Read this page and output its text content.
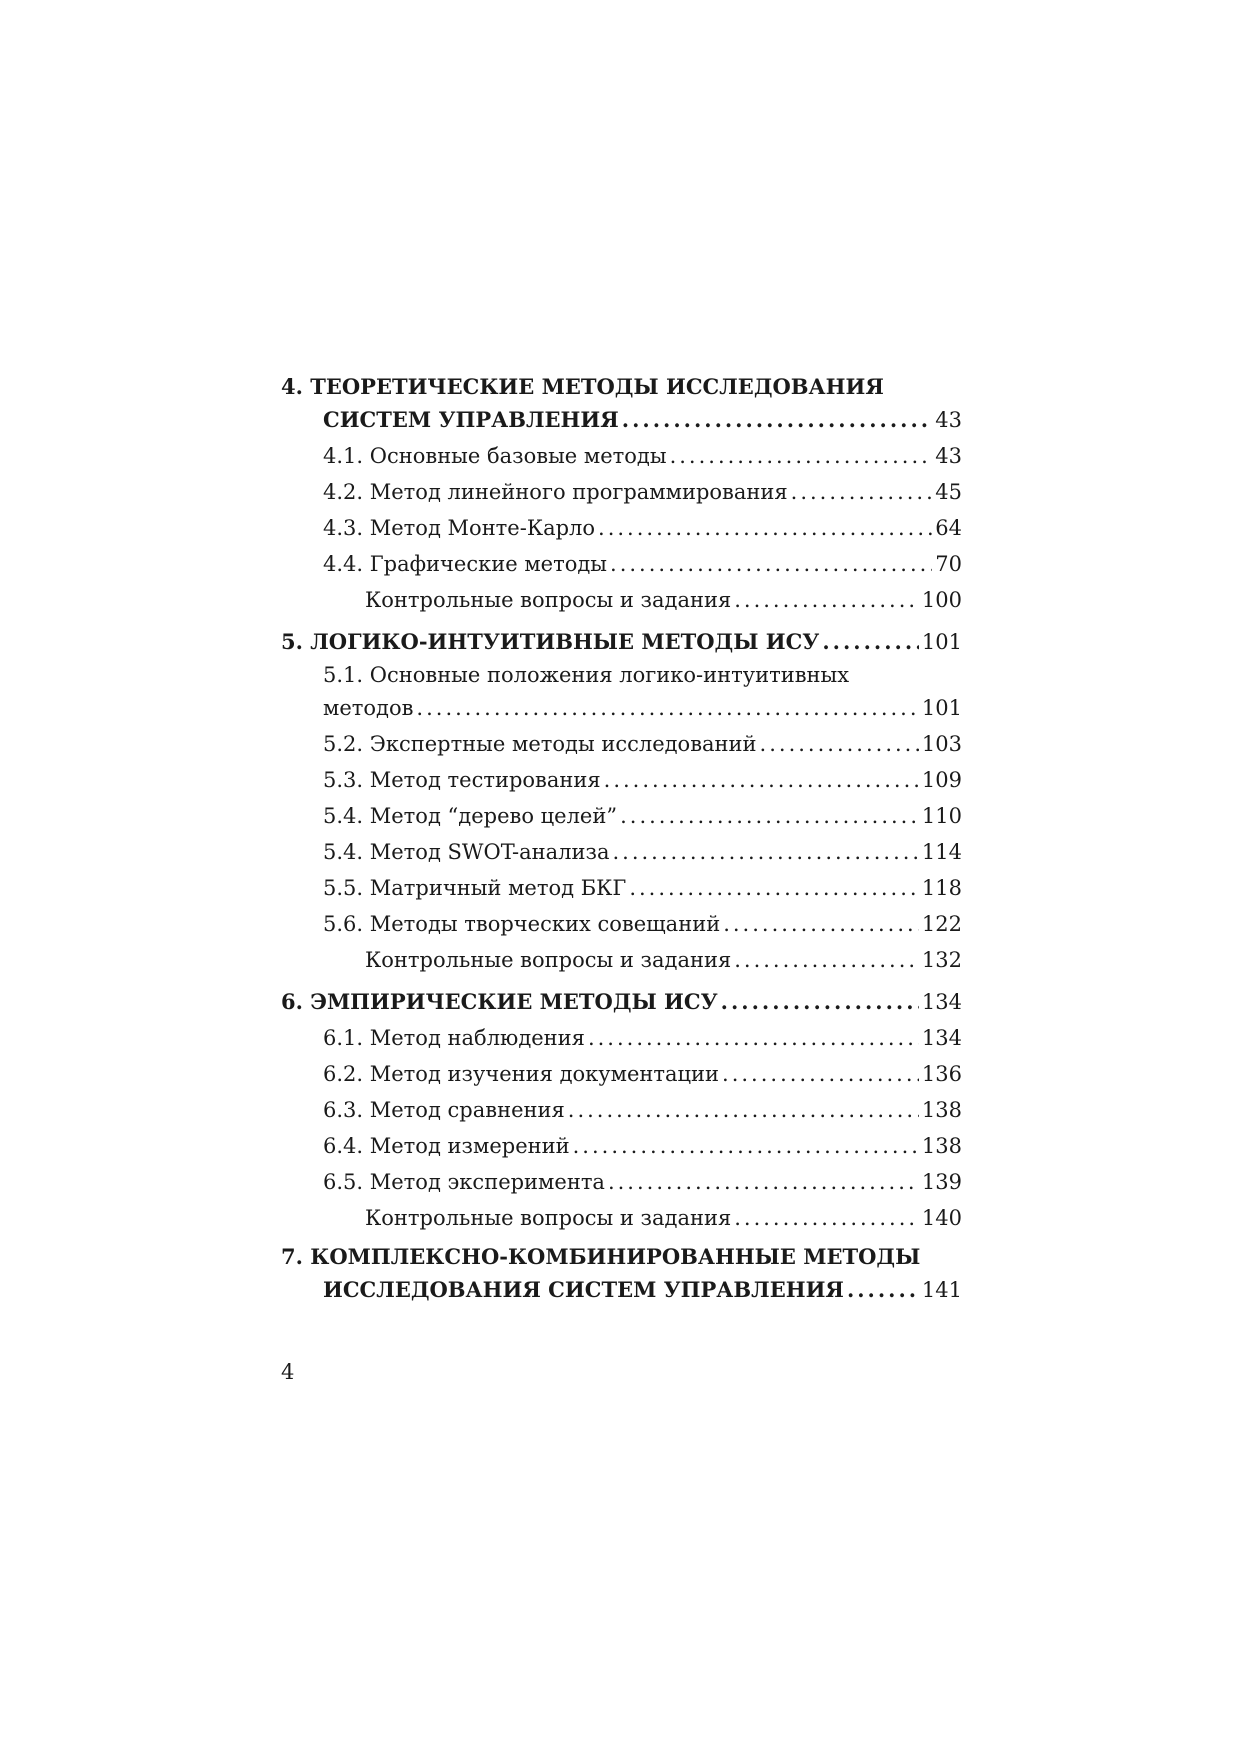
4. ТЕОРЕТИЧЕСКИЕ МЕТОДЫ ИССЛЕДОВАНИЯ
СИСТЕМ УПРАВЛЕНИЯ .....	43
4.1. Основные базовые методы .....	43
4.2. Метод линейного программирования .....	45
4.3. Метод Монте-Карло .....	64
4.4. Графические методы .....	70
Контрольные вопросы и задания .....	100
5. ЛОГИКО-ИНТУИТИВНЫЕ МЕТОДЫ ИСУ .....	101
5.1. Основные положения логико-интуитивных
методов .....	101
5.2. Экспертные методы исследований .....	103
5.3. Метод тестирования .....	109
5.4. Метод “дерево целей” .....	110
5.4. Метод SWOT-анализа .....	114
5.5. Матричный метод БКГ .....	118
5.6. Методы творческих совещаний .....	122
Контрольные вопросы и задания .....	132
6. ЭМПИРИЧЕСКИЕ МЕТОДЫ ИСУ .....	134
6.1. Метод наблюдения .....	134
6.2. Метод изучения документации .....	136
6.3. Метод сравнения .....	138
6.4. Метод измерений .....	138
6.5. Метод эксперимента .....	139
Контрольные вопросы и задания .....	140
7. КОМПЛЕКСНО-КОМБИНИРОВАННЫЕ МЕТОДЫ
ИССЛЕДОВАНИЯ СИСТЕМ УПРАВЛЕНИЯ .....	141
4
